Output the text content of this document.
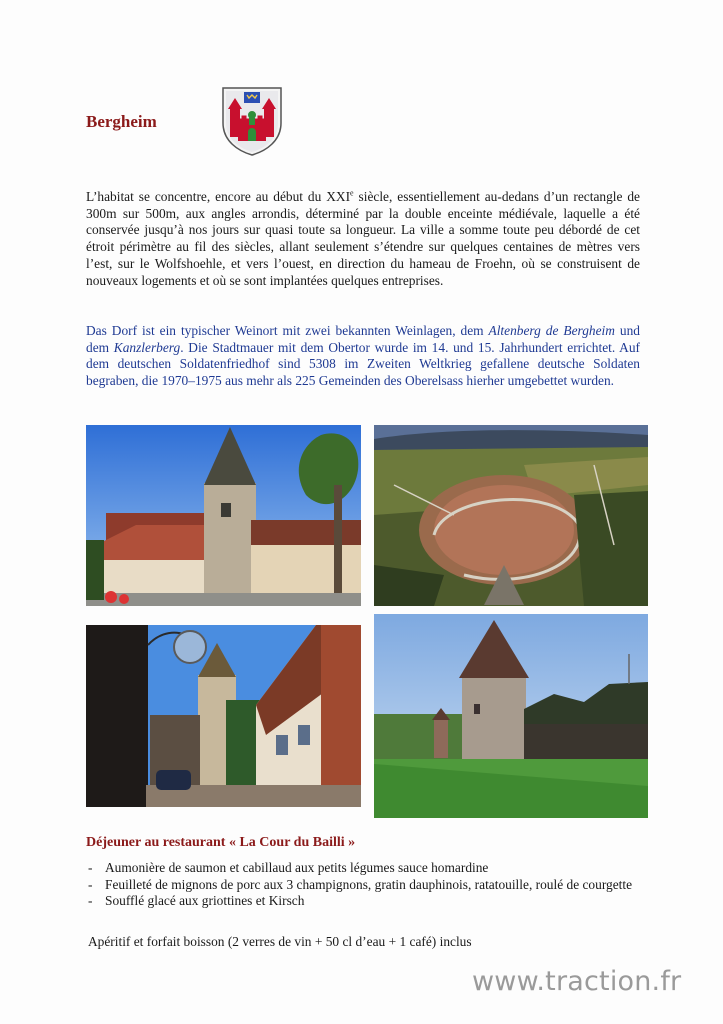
Bergheim

L’habitat se concentre, encore au début du XXIe siècle, essentiellement au-dedans d’un rectangle de 300m sur 500m, aux angles arrondis, déterminé par la double enceinte médiévale, laquelle a été conservée jusqu’à nos jours sur quasi toute sa longueur. La ville a somme toute peu débordé de cet étroit périmètre au fil des siècles, allant seulement s’étendre sur quelques centaines de mètres vers l’est, sur le Wolfshoehle, et vers l’ouest, en direction du hameau de Froehn, où se construisent de nouveaux logements et où se sont implantées quelques entreprises.

Das Dorf ist ein typischer Weinort mit zwei bekannten Weinlagen, dem Altenberg de Bergheim und dem Kanzlerberg. Die Stadtmauer mit dem Obertor wurde im 14. und 15. Jahrhundert errichtet. Auf dem deutschen Soldatenfriedhof sind 5308 im Zweiten Weltkrieg gefallene deutsche Soldaten begraben, die 1970–1975 aus mehr als 225 Gemeinden des Oberelsass hierher umgebettet wurden.

Déjeuner au restaurant « La Cour du Bailli »
- Aumonière de saumon et cabillaud aux petits légumes sauce homardine
- Feuilleté de mignons de porc aux 3 champignons, gratin dauphinois, ratatouille, roulé de courgette
- Soufflé glacé aux griottines et Kirsch
Apéritif et forfait boisson (2 verres de vin + 50 cl d’eau + 1 café) inclus
www.traction.fr
